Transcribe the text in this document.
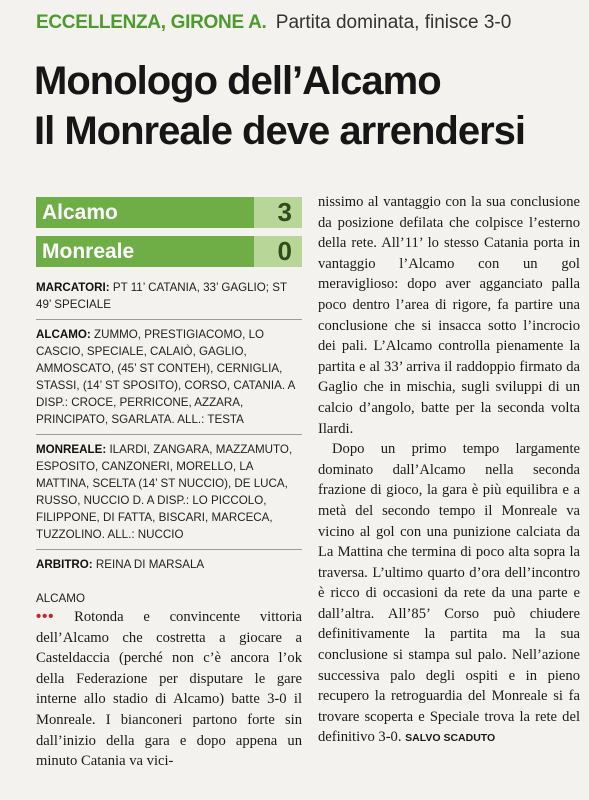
ECCELLENZA, GIRONE A. Partita dominata, finisce 3-0
Monologo dell’Alcamo
Il Monreale deve arrendersi
Alcamo	3
Monreale	0
MARCATORI: PT 11’ CATANIA, 33’ GAGLIO; ST 49’ SPECIALE
ALCAMO: ZUMMO, PRESTIGIACOMO, LO CASCIO, SPECIALE, CALAIÒ, GAGLIO, AMMOSCATO, (45’ ST CONTEH), CERNIGLIA, STASSI, (14’ ST SPOSITO), CORSO, CATANIA. A DISP.: CROCE, PERRICONE, AZZARA, PRINCIPATO, SGARLATA. ALL.: TESTA
MONREALE: ILARDI, ZANGARA, MAZZAMUTO, ESPOSITO, CANZONERI, MORELLO, LA MATTINA, SCELTA (14’ ST NUCCIO), DE LUCA, RUSSO, NUCCIO D. A DISP.: LO PICCOLO, FILIPPONE, DI FATTA, BISCARI, MARCECA, TUZZOLINO. ALL.: NUCCIO
ARBITRO: REINA DI MARSALA
ALCAMO

••• Rotonda e convincente vittoria dell’Alcamo che costretta a giocare a Casteldaccia (perché non c’è ancora l’ok della Federazione per disputare le gare interne allo stadio di Alcamo) batte 3-0 il Monreale. I bianconeri partono forte sin dall’inizio della gara e dopo appena un minuto Catania va vici-

nissimo al vantaggio con la sua conclusione da posizione defilata che colpisce l’esterno della rete. All’11’ lo stesso Catania porta in vantaggio l’Alcamo con un gol meraviglioso: dopo aver agganciato palla poco dentro l’area di rigore, fa partire una conclusione che si insacca sotto l’incrocio dei pali. L’Alcamo controlla pienamente la partita e al 33’ arriva il raddoppio firmato da Gaglio che in mischia, sugli sviluppi di un calcio d’angolo, batte per la seconda volta Ilardi.

Dopo un primo tempo largamente dominato dall’Alcamo nella seconda frazione di gioco, la gara è più equilibra e a metà del secondo tempo il Monreale va vicino al gol con una punizione calciata da La Mattina che termina di poco alta sopra la traversa. L’ultimo quarto d’ora dell’incontro è ricco di occasioni da rete da una parte e dall’altra. All’85’ Corso può chiudere definitivamente la partita ma la sua conclusione si stampa sul palo. Nell’azione successiva palo degli ospiti e in pieno recupero la retroguardia del Monreale si fa trovare scoperta e Speciale trova la rete del definitivo 3-0. SALVO SCADUTO
